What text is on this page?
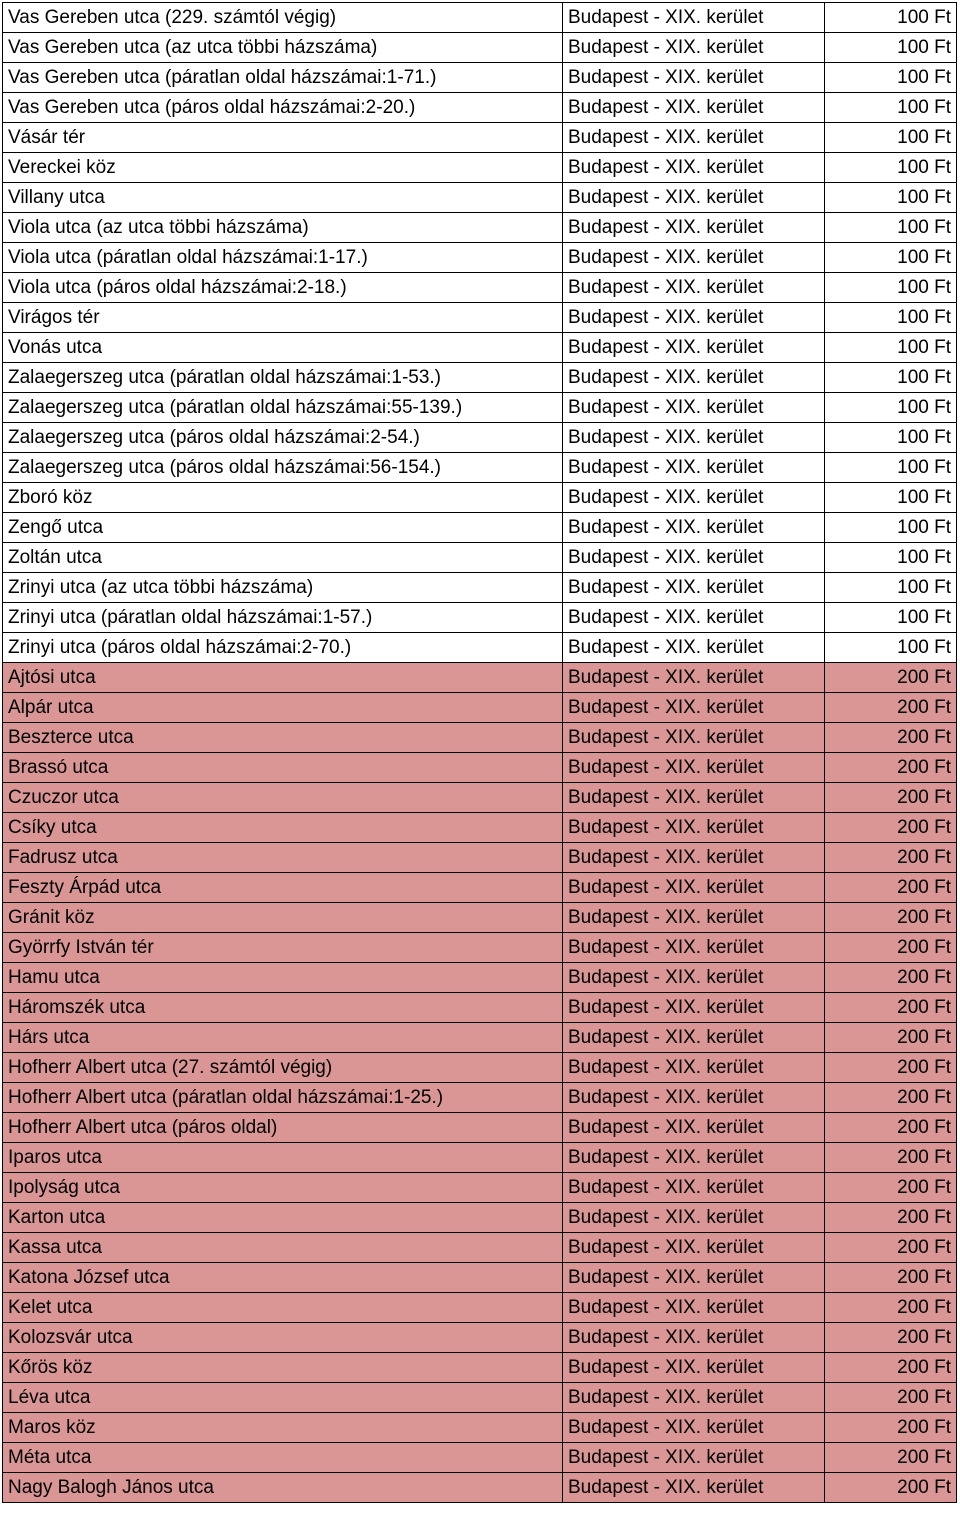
Vas Gereben utca (229. számtól végig)	Budapest - XIX. kerület	100 Ft
Vas Gereben utca (az utca többi házszáma)	Budapest - XIX. kerület	100 Ft
Vas Gereben utca (páratlan oldal házszámai:1-71.)	Budapest - XIX. kerület	100 Ft
Vas Gereben utca (páros oldal házszámai:2-20.)	Budapest - XIX. kerület	100 Ft
Vásár tér	Budapest - XIX. kerület	100 Ft
Vereckei köz	Budapest - XIX. kerület	100 Ft
Villany utca	Budapest - XIX. kerület	100 Ft
Viola utca (az utca többi házszáma)	Budapest - XIX. kerület	100 Ft
Viola utca (páratlan oldal házszámai:1-17.)	Budapest - XIX. kerület	100 Ft
Viola utca (páros oldal házszámai:2-18.)	Budapest - XIX. kerület	100 Ft
Virágos tér	Budapest - XIX. kerület	100 Ft
Vonás utca	Budapest - XIX. kerület	100 Ft
Zalaegerszeg utca (páratlan oldal házszámai:1-53.)	Budapest - XIX. kerület	100 Ft
Zalaegerszeg utca (páratlan oldal házszámai:55-139.)	Budapest - XIX. kerület	100 Ft
Zalaegerszeg utca (páros oldal házszámai:2-54.)	Budapest - XIX. kerület	100 Ft
Zalaegerszeg utca (páros oldal házszámai:56-154.)	Budapest - XIX. kerület	100 Ft
Zboró köz	Budapest - XIX. kerület	100 Ft
Zengő utca	Budapest - XIX. kerület	100 Ft
Zoltán utca	Budapest - XIX. kerület	100 Ft
Zrinyi utca (az utca többi házszáma)	Budapest - XIX. kerület	100 Ft
Zrinyi utca (páratlan oldal házszámai:1-57.)	Budapest - XIX. kerület	100 Ft
Zrinyi utca (páros oldal házszámai:2-70.)	Budapest - XIX. kerület	100 Ft
Ajtósi utca	Budapest - XIX. kerület	200 Ft
Alpár utca	Budapest - XIX. kerület	200 Ft
Beszterce utca	Budapest - XIX. kerület	200 Ft
Brassó utca	Budapest - XIX. kerület	200 Ft
Czuczor utca	Budapest - XIX. kerület	200 Ft
Csíky utca	Budapest - XIX. kerület	200 Ft
Fadrusz utca	Budapest - XIX. kerület	200 Ft
Feszty Árpád utca	Budapest - XIX. kerület	200 Ft
Gránit köz	Budapest - XIX. kerület	200 Ft
Györrfy István tér	Budapest - XIX. kerület	200 Ft
Hamu utca	Budapest - XIX. kerület	200 Ft
Háromszék utca	Budapest - XIX. kerület	200 Ft
Hárs utca	Budapest - XIX. kerület	200 Ft
Hofherr Albert utca (27. számtól végig)	Budapest - XIX. kerület	200 Ft
Hofherr Albert utca (páratlan oldal házszámai:1-25.)	Budapest - XIX. kerület	200 Ft
Hofherr Albert utca (páros oldal)	Budapest - XIX. kerület	200 Ft
Iparos utca	Budapest - XIX. kerület	200 Ft
Ipolyság utca	Budapest - XIX. kerület	200 Ft
Karton utca	Budapest - XIX. kerület	200 Ft
Kassa utca	Budapest - XIX. kerület	200 Ft
Katona József utca	Budapest - XIX. kerület	200 Ft
Kelet utca	Budapest - XIX. kerület	200 Ft
Kolozsvár utca	Budapest - XIX. kerület	200 Ft
Kőrös köz	Budapest - XIX. kerület	200 Ft
Léva utca	Budapest - XIX. kerület	200 Ft
Maros köz	Budapest - XIX. kerület	200 Ft
Méta utca	Budapest - XIX. kerület	200 Ft
Nagy Balogh János utca	Budapest - XIX. kerület	200 Ft
